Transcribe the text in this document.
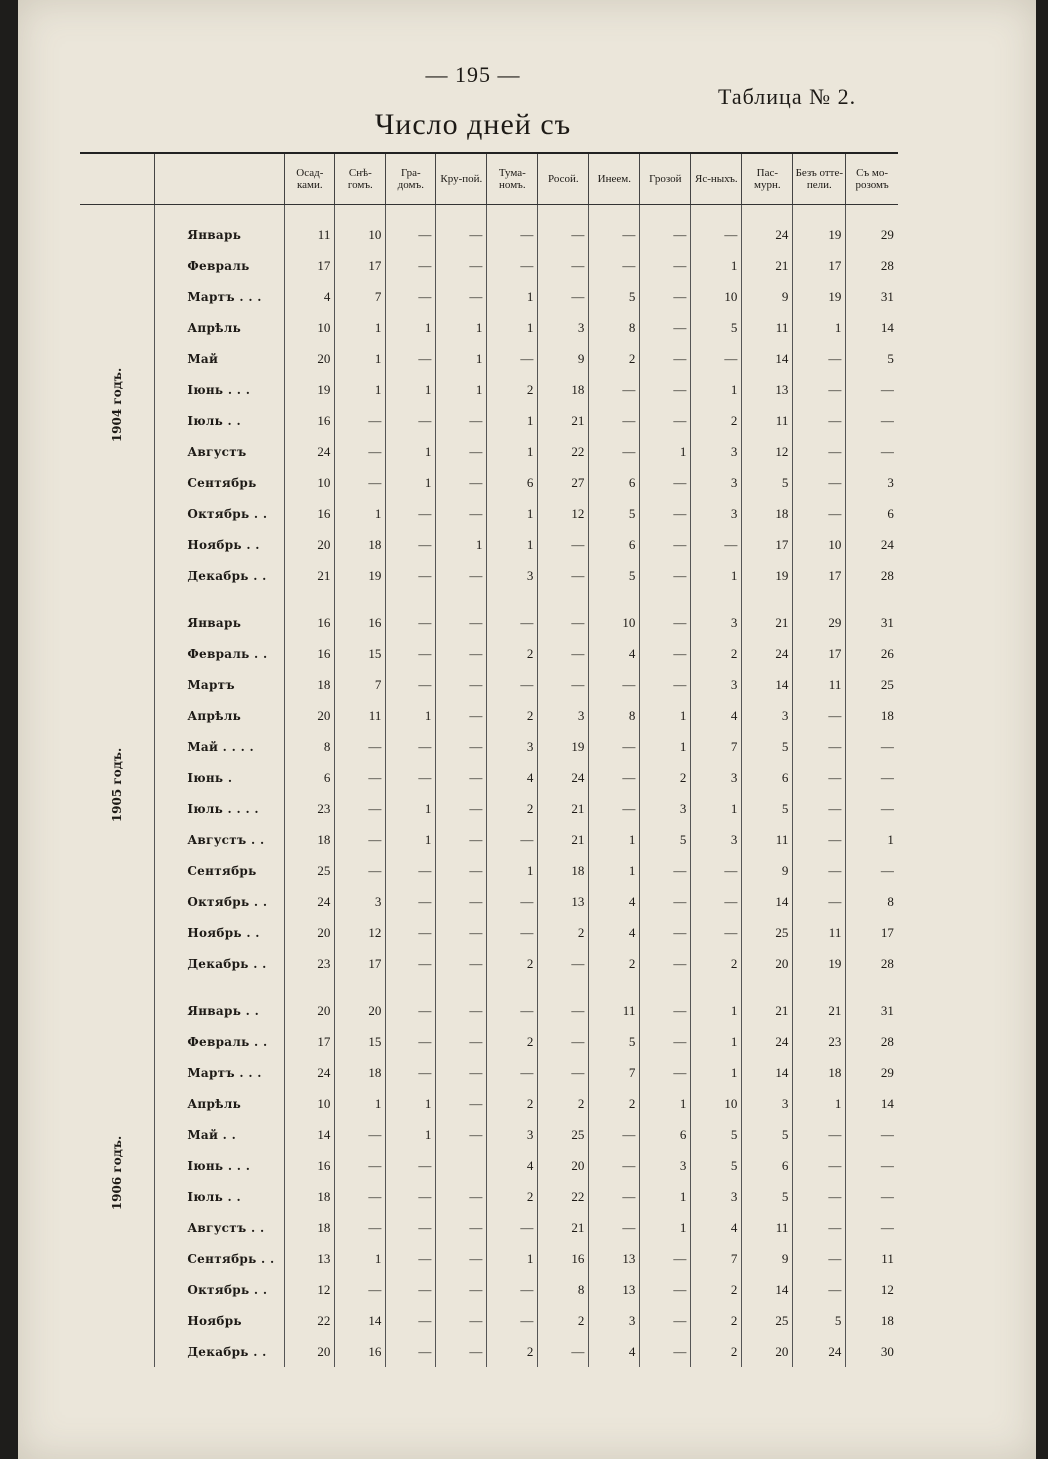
— 195 —
Таблица № 2.
Число дней съ

		Осад-ками.	Снѣ-гомъ.	Гра-домъ.	Кру-пой.	Тума-номъ.	Росой.	Инеем.	Грозой	Яс-ныхъ.	Пас-мурн.	Безъ отте-пели.	Съ мо-розомъ

1904 годъ.	Январь	11	10	—	—	—	—	—	—	—	24	19	29
	Февраль	17	17	—	—	—	—	—	—	1	21	17	28
	Мартъ . . .	4	7	—	—	1	—	5	—	10	9	19	31
	Апрѣль	10	1	1	1	1	3	8	—	5	11	1	14
	Май	20	1	—	1	—	9	2	—	—	14	—	5
	Іюнь . . .	19	1	1	1	2	18	—	—	1	13	—	—
	Іюль . .	16	—	—	—	1	21	—	—	2	11	—	—
	Августъ	24	—	1	—	1	22	—	1	3	12	—	—
	Сентябрь	10	—	1	—	6	27	6	—	3	5	—	3
	Октябрь . .	16	1	—	—	1	12	5	—	3	18	—	6
	Ноябрь . .	20	18	—	1	1	—	6	—	—	17	10	24
	Декабрь . .	21	19	—	—	3	—	5	—	1	19	17	28
1905 годъ.	Январь	16	16	—	—	—	—	10	—	3	21	29	31
	Февраль . .	16	15	—	—	2	—	4	—	2	24	17	26
	Мартъ	18	7	—	—	—	—	—	—	3	14	11	25
	Апрѣль	20	11	1	—	2	3	8	1	4	3	—	18
	Май . . . .	8	—	—	—	3	19	—	1	7	5	—	—
	Іюнь .	6	—	—	—	4	24	—	2	3	6	—	—
	Іюль . . . .	23	—	1	—	2	21	—	3	1	5	—	—
	Августъ . .	18	—	1	—	—	21	1	5	3	11	—	1
	Сентябрь	25	—	—	—	1	18	1	—	—	9	—	—
	Октябрь . .	24	3	—	—	—	13	4	—	—	14	—	8
	Ноябрь . .	20	12	—	—	—	2	4	—	—	25	11	17
	Декабрь . .	23	17	—	—	2	—	2	—	2	20	19	28
1906 годъ.	Январь . .	20	20	—	—	—	—	11	—	1	21	21	31
	Февраль . .	17	15	—	—	2	—	5	—	1	24	23	28
	Мартъ . . .	24	18	—	—	—	—	7	—	1	14	18	29
	Апрѣль	10	1	1	—	2	2	2	1	10	3	1	14
	Май . .	14	—	1	—	3	25	—	6	5	5	—	—
	Іюнь . . .	16	—	—		4	20	—	3	5	6	—	—
	Іюль . .	18	—	—	—	2	22	—	1	3	5	—	—
	Августъ . .	18	—	—	—	—	21	—	1	4	11	—	—
	Сентябрь . .	13	1	—	—	1	16	13	—	7	9	—	11
	Октябрь . .	12	—	—	—	—	8	13	—	2	14	—	12
	Ноябрь	22	14	—	—	—	2	3	—	2	25	5	18
	Декабрь . .	20	16	—	—	2	—	4	—	2	20	24	30
